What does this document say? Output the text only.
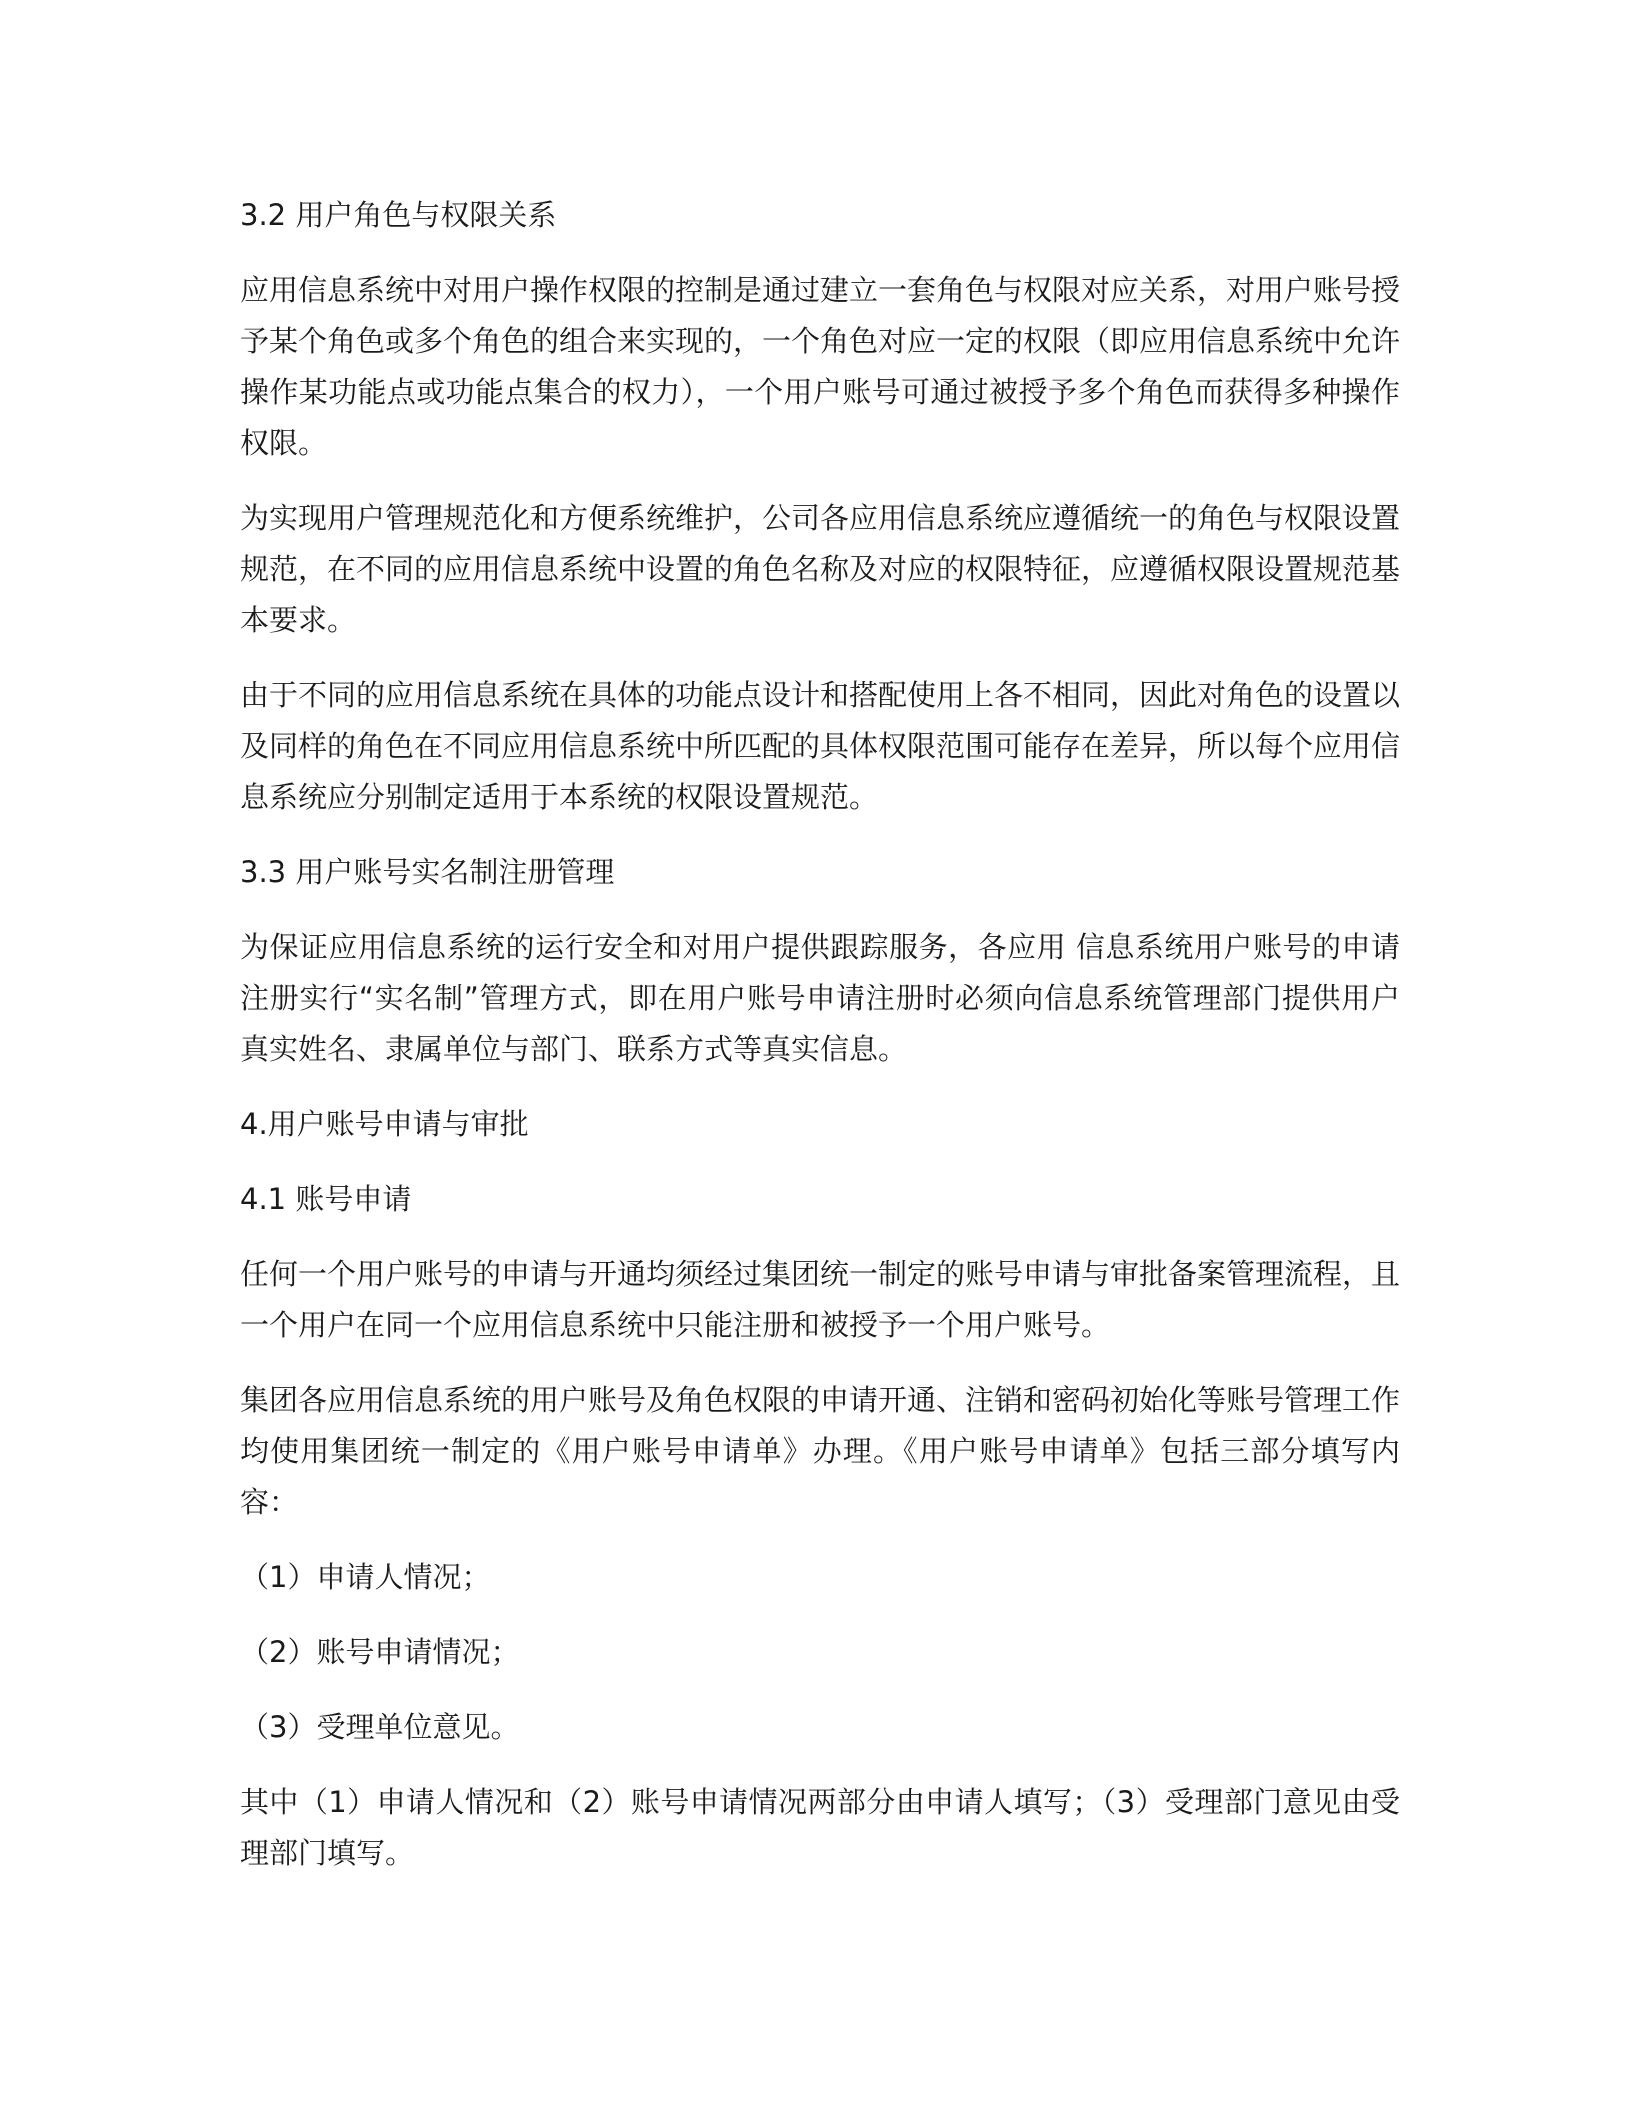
3.2 用户角色与权限关系

应用信息系统中对用户操作权限的控制是通过建立一套角色与权限对应关系，对用户账号授予某个角色或多个角色的组合来实现的，一个角色对应一定的权限（即应用信息系统中允许操作某功能点或功能点集合的权力），一个用户账号可通过被授予多个角色而获得多种操作权限。

为实现用户管理规范化和方便系统维护，公司各应用信息系统应遵循统一的角色与权限设置规范，在不同的应用信息系统中设置的角色名称及对应的权限特征，应遵循权限设置规范基本要求。

由于不同的应用信息系统在具体的功能点设计和搭配使用上各不相同，因此对角色的设置以及同样的角色在不同应用信息系统中所匹配的具体权限范围可能存在差异，所以每个应用信息系统应分别制定适用于本系统的权限设置规范。

3.3 用户账号实名制注册管理

为保证应用信息系统的运行安全和对用户提供跟踪服务，各应用 信息系统用户账号的申请注册实行“实名制”管理方式，即在用户账号申请注册时必须向信息系统管理部门提供用户真实姓名、隶属单位与部门、联系方式等真实信息。

4.用户账号申请与审批

4.1 账号申请

任何一个用户账号的申请与开通均须经过集团统一制定的账号申请与审批备案管理流程，且一个用户在同一个应用信息系统中只能注册和被授予一个用户账号。

集团各应用信息系统的用户账号及角色权限的申请开通、注销和密码初始化等账号管理工作均使用集团统一制定的《用户账号申请单》办理。《用户账号申请单》包括三部分填写内容：

（1）申请人情况；

（2）账号申请情况；

（3）受理单位意见。

其中（1）申请人情况和（2）账号申请情况两部分由申请人填写；（3）受理部门意见由受理部门填写。
